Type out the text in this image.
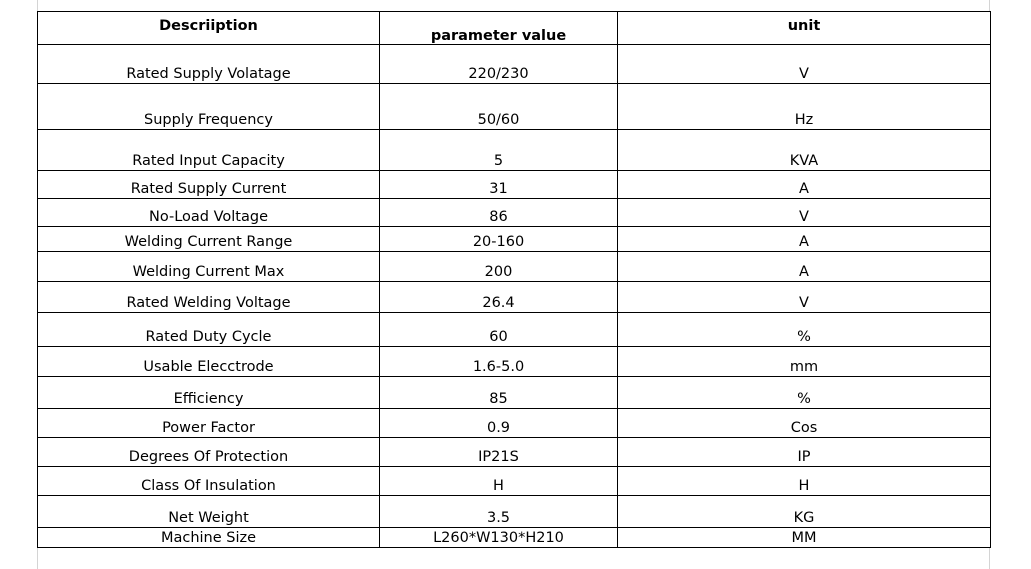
Descriiption	parameter value	unit
Rated Supply Volatage	220/230	V
Supply Frequency	50/60	Hz
Rated Input Capacity	5	KVA
Rated Supply Current	31	A
No-Load Voltage	86	V
Welding Current Range	20-160	A
Welding Current Max	200	A
Rated Welding Voltage	26.4	V
Rated Duty Cycle	60	%
Usable Elecctrode	1.6-5.0	mm
Efficiency	85	%
Power Factor	0.9	Cos
Degrees Of Protection	IP21S	IP
Class Of Insulation	H	H
Net Weight	3.5	KG
Machine Size	L260*W130*H210	MM
